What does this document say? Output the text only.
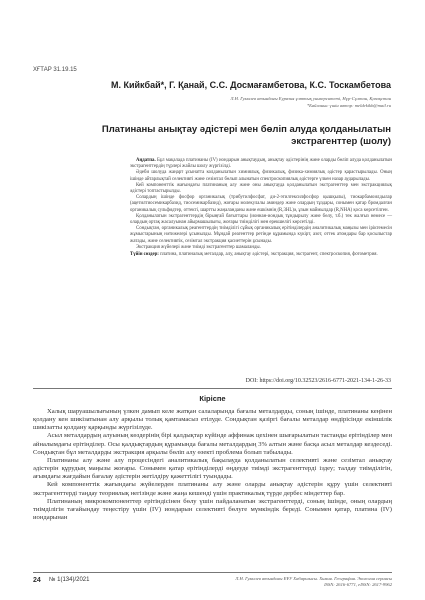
ХҒТАР 31.19.15
М. Кийкбай*, Г. Қанай, С.С. Досмағамбетова, К.С. Тоскамбетова
Л.Н. Гумилев атындағы Еуразия ұлттық университеті, Нұр-Сұлтан, Қазақстан
*Байланыс үшін автор: meldekikb@mail.ru
Платинаны анықтау әдістері мен бөліп алуда қолданылатын
экстрагенттер (шолу)

Аңдатпа. Бұл мақалада платинаны (IV) иондарын анықтаудың, анықтау әдістерінің және оларды бөліп алуда қолданылатын экстрагенттердің түрлері жайлы шолу жүргізілді.

Әдеби шолуда жаңарт ұсынатта колданылатын химиялық, физикалық, физика-химиялық әдістер қарастырылады. Оның ішінде айтарлықтай селективті және сезімтал бөлып алынатын спектроскопиялық әдістерге үлкен назар аударылады.

Кей компоненттік жағындағы платинаның алу және оны анықтауда қолданылатын экстрагенттер мен экстракциялық әдістері топтастырылды.

Солардың ішінде фосфор органикалық (трибутилфосфат, ди-2-этилгексилфосфор қышқылы), тиокарбамоилдылар (ацетилтиосемикарбазид, тиосемикарбазид), жоғары молекулалы аминдер және олардың тұздары, сонымен қатар бромдалған органикалық сульфидтер, оттекті, шартты жаңаланданы және ешкімнің (R,3HL)ә, ұзын маймылдар (R,NHA) қоса көрсетілген.

Қолданылатын экстрагенттердің бірыңғай бағыттары (ионнан-иондық тұндырылу және бөлу, т.б.) тек жалғыз немесе — олардың ортақ жасалуынан айырмашылығы, жоғары тиімділігі мен ерекшелігі көрсетілді.

Сондықтан, органикалық реагенттердің тиімділігі сұйық органикалық ерітінділердің аналитикалық маңызы мен іріктемесін жұмыстарының нәтижелері ұсынылды. Мұндай реагенттер ретінде құрамында күкірт, азот, оттек атомдары бар қосылыстар жатады, және селективтік, сезімтал экстракция қасиеттерін ұсынады.

Экстракция жүйелері және тиімді экстрагенттер шамаланды.

Түйін сөздер: платина, платиналық металдар, алу, анықтау әдістері, экстракция, экстрагент, спектроскопия, фотометрия.

DOI: https://doi.org/10.32523/2616-6771-2021-134-1-26-33
Кіріспе

Халық шаруашылығының үлкен дамып келе жатқан салаларында бағалы металдарды, соның ішінде, платинаны кеңінен қолдану кен шикізатынан алу арқылы толық қамтамасыз етілуде. Сондықтан қазіргі бағалы металдар өндірісінде екіншілік шикізатты қолдану қарқынды жүргізілуде.

Асыл металдардың алуының көздерінің бірі қалдықтар күйінде аффинаж цехінен шығарылатын тастанды ерітінділер мен айналымдағы ерітінділер. Осы қалдықтардың құрамында бағалы металдардың 3% алтын және басқа асыл металдар кездеседі. Сондықтан бұл металдарды экстракция арқылы бөліп алу өзекті проблема болып табылады.

Платинаны алу және алу процесіндегі аналитикалық бақылауда қолданылатын селективті және сезімтал анықтау әдістерін құрудың маңызы жоғары. Сонымен қатар ерітінділерді өңдеуде тиімді экстрагенттерді іздеу; талдау тиімділігін, ағымдағы жағдайын бағалау әдістерін жетілдіру қажеттілігі туындады.

Кей компоненттік жағындағы жүйелерден платинаны алу және оларды анықтау әдістерін құру үшін селективті экстрагенттерді таңдау теориялық негізінде және жаңа кешенді үшін практикалық түрде дербес міндеттер бар.

Платинаның микрокомпоненттер ерітіндісінен бөлу үшін пайдаланатын экстрагенттерді, соның ішінде, оның олардың тиімділігін тағайындау теңестіру үшін (IV) иондарын селективті бөлуге мүмкіндік береді. Сонымен қатар, платина (IV) иондарынан

24 № 1(134)/2021	Л.Н. Гумилев атындағы ЕҰУ Хабаршысы. Химия. География. Экология сериясы
ISSN: 2616-6771, eISSN: 2617-9962
